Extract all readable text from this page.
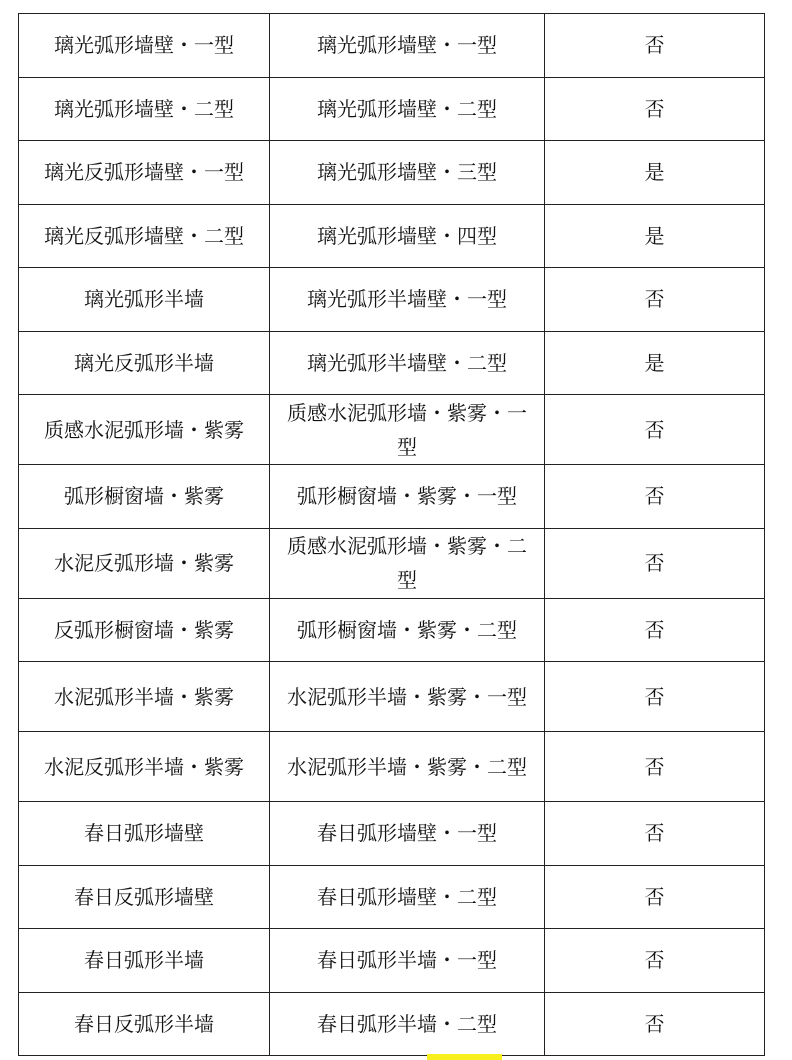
璃光弧形墙壁・一型	璃光弧形墙壁・一型	否
璃光弧形墙壁・二型	璃光弧形墙壁・二型	否
璃光反弧形墙壁・一型	璃光弧形墙壁・三型	是
璃光反弧形墙壁・二型	璃光弧形墙壁・四型	是
璃光弧形半墙	璃光弧形半墙壁・一型	否
璃光反弧形半墙	璃光弧形半墙壁・二型	是
质感水泥弧形墙・紫雾	质感水泥弧形墙・紫雾・一型	否
弧形橱窗墙・紫雾	弧形橱窗墙・紫雾・一型	否
水泥反弧形墙・紫雾	质感水泥弧形墙・紫雾・二型	否
反弧形橱窗墙・紫雾	弧形橱窗墙・紫雾・二型	否
水泥弧形半墙・紫雾	水泥弧形半墙・紫雾・一型	否
水泥反弧形半墙・紫雾	水泥弧形半墙・紫雾・二型	否
春日弧形墙壁	春日弧形墙壁・一型	否
春日反弧形墙壁	春日弧形墙壁・二型	否
春日弧形半墙	春日弧形半墙・一型	否
春日反弧形半墙	春日弧形半墙・二型	否
